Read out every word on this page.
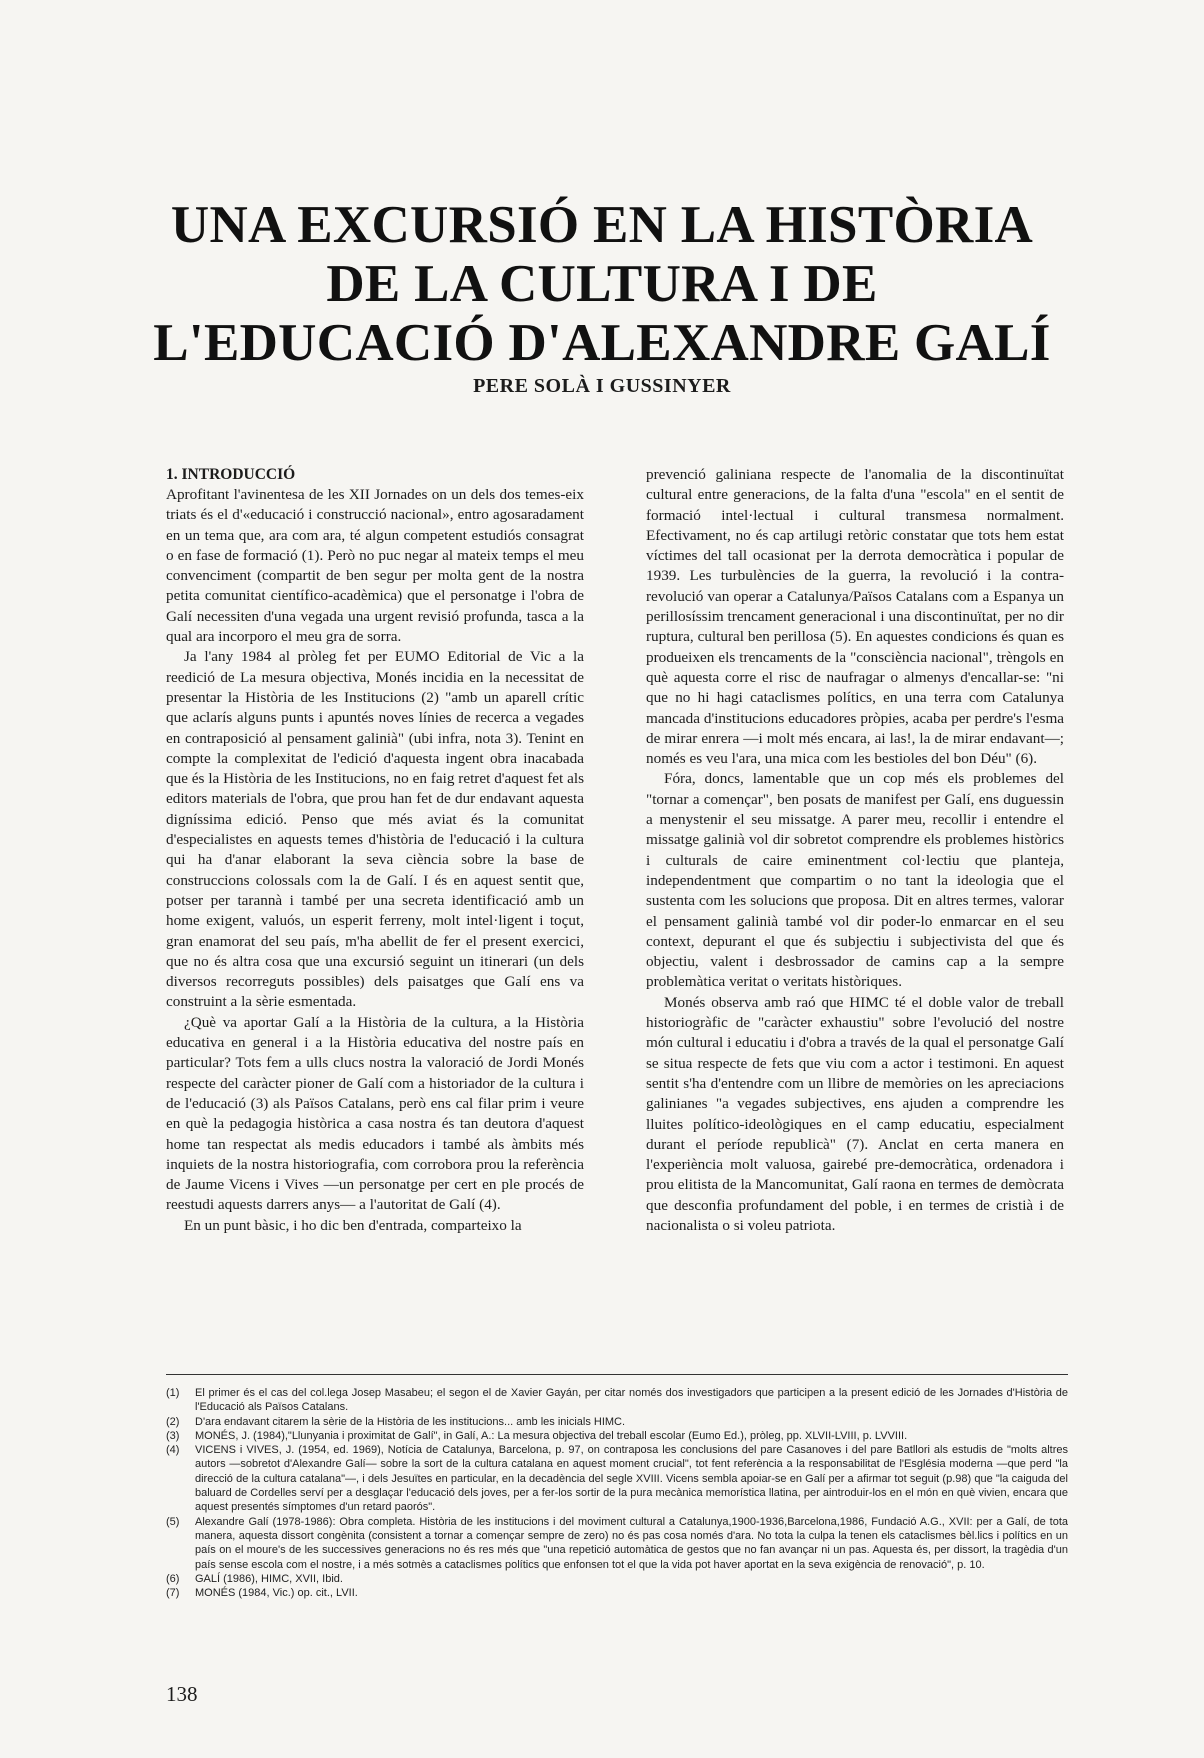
UNA EXCURSIÓ EN LA HISTÒRIA
DE LA CULTURA I DE
L'EDUCACIÓ D'ALEXANDRE GALÍ
PERE SOLÀ I GUSSINYER
1. INTRODUCCIÓ

Aprofitant l'avinentesa de les XII Jornades on un dels dos temes-eix triats és el d'«educació i construcció nacional», entro agosaradament en un tema que, ara com ara, té algun competent estudiós consagrat o en fase de formació (1). Però no puc negar al mateix temps el meu convenciment (compartit de ben segur per molta gent de la nostra petita comunitat científico-acadèmica) que el personatge i l'obra de Galí necessiten d'una vegada una urgent revisió profunda, tasca a la qual ara incorporo el meu gra de sorra.

Ja l'any 1984 al pròleg fet per EUMO Editorial de Vic a la reedició de La mesura objectiva, Monés incidia en la necessitat de presentar la Història de les Institucions (2) "amb un aparell crític que aclarís alguns punts i apuntés noves línies de recerca a vegades en contraposició al pensament galinià" (ubi infra, nota 3). Tenint en compte la complexitat de l'edició d'aquesta ingent obra inacabada que és la Història de les Institucions, no en faig retret d'aquest fet als editors materials de l'obra, que prou han fet de dur endavant aquesta digníssima edició. Penso que més aviat és la comunitat d'especialistes en aquests temes d'història de l'educació i la cultura qui ha d'anar elaborant la seva ciència sobre la base de construccions colossals com la de Galí. I és en aquest sentit que, potser per tarannà i també per una secreta identificació amb un home exigent, valuós, un esperit ferreny, molt intel·ligent i toçut, gran enamorat del seu país, m'ha abellit de fer el present exercici, que no és altra cosa que una excursió seguint un itinerari (un dels diversos recorreguts possibles) dels paisatges que Galí ens va construint a la sèrie esmentada.

¿Què va aportar Galí a la Història de la cultura, a la Història educativa en general i a la Història educativa del nostre país en particular? Tots fem a ulls clucs nostra la valoració de Jordi Monés respecte del caràcter pioner de Galí com a historiador de la cultura i de l'educació (3) als Països Catalans, però ens cal filar prim i veure en què la pedagogia històrica a casa nostra és tan deutora d'aquest home tan respectat als medis educadors i també als àmbits més inquiets de la nostra historiografia, com corrobora prou la referència de Jaume Vicens i Vives —un personatge per cert en ple procés de reestudi aquests darrers anys— a l'autoritat de Galí (4).

En un punt bàsic, i ho dic ben d'entrada, comparteixo la

prevenció galiniana respecte de l'anomalia de la discontinuïtat cultural entre generacions, de la falta d'una "escola" en el sentit de formació intel·lectual i cultural transmesa normalment. Efectivament, no és cap artilugi retòric constatar que tots hem estat víctimes del tall ocasionat per la derrota democràtica i popular de 1939. Les turbulències de la guerra, la revolució i la contra-revolució van operar a Catalunya/Països Catalans com a Espanya un perillosíssim trencament generacional i una discontinuïtat, per no dir ruptura, cultural ben perillosa (5). En aquestes condicions és quan es produeixen els trencaments de la "consciència nacional", trèngols en què aquesta corre el risc de naufragar o almenys d'encallar-se: "ni que no hi hagi cataclismes polítics, en una terra com Catalunya mancada d'institucions educadores pròpies, acaba per perdre's l'esma de mirar enrera —i molt més encara, ai las!, la de mirar endavant—; només es veu l'ara, una mica com les bestioles del bon Déu" (6).

Fóra, doncs, lamentable que un cop més els problemes del "tornar a començar", ben posats de manifest per Galí, ens duguessin a menystenir el seu missatge. A parer meu, recollir i entendre el missatge galinià vol dir sobretot comprendre els problemes històrics i culturals de caire eminentment col·lectiu que planteja, independentment que compartim o no tant la ideologia que el sustenta com les solucions que proposa. Dit en altres termes, valorar el pensament galinià també vol dir poder-lo enmarcar en el seu context, depurant el que és subjectiu i subjectivista del que és objectiu, valent i desbrossador de camins cap a la sempre problemàtica veritat o veritats històriques.

Monés observa amb raó que HIMC té el doble valor de treball historiogràfic de "caràcter exhaustiu" sobre l'evolució del nostre món cultural i educatiu i d'obra a través de la qual el personatge Galí se situa respecte de fets que viu com a actor i testimoni. En aquest sentit s'ha d'entendre com un llibre de memòries on les apreciacions galinianes "a vegades subjectives, ens ajuden a comprendre les lluites político-ideològiques en el camp educatiu, especialment durant el període republicà" (7). Anclat en certa manera en l'experiència molt valuosa, gairebé pre-democràtica, ordenadora i prou elitista de la Mancomunitat, Galí raona en termes de demòcrata que desconfia profundament del poble, i en termes de cristià i de nacionalista o si voleu patriota.

(1)	El primer és el cas del col.lega Josep Masabeu; el segon el de Xavier Gayán, per citar només dos investigadors que participen a la present edició de les Jornades d'Història de l'Educació als Països Catalans.
(2)	D'ara endavant citarem la sèrie de la Història de les institucions... amb les inicials HIMC.
(3)	MONÉS, J. (1984),"Llunyania i proximitat de Galí", in Galí, A.: La mesura objectiva del treball escolar (Eumo Ed.), pròleg, pp. XLVII-LVIII, p. LVVIII.
(4)	VICENS i VIVES, J. (1954, ed. 1969), Notícia de Catalunya, Barcelona, p. 97, on contraposa les conclusions del pare Casanoves i del pare Batllori als estudis de "molts altres autors —sobretot d'Alexandre Galí— sobre la sort de la cultura catalana en aquest moment crucial", tot fent referència a la responsabilitat de l'Església moderna —que perd "la direcció de la cultura catalana"—, i dels Jesuïtes en particular, en la decadència del segle XVIII. Vicens sembla apoiar-se en Galí per a afirmar tot seguit (p.98) que "la caiguda del baluard de Cordelles serví per a desglaçar l'educació dels joves, per a fer-los sortir de la pura mecànica memorística llatina, per aintroduir-los en el món en què vivien, encara que aquest presentés símptomes d'un retard paorós".
(5)	Alexandre Galí (1978-1986): Obra completa. Història de les institucions i del moviment cultural a Catalunya,1900-1936,Barcelona,1986, Fundació A.G., XVII: per a Galí, de tota manera, aquesta dissort congènita (consistent a tornar a començar sempre de zero) no és pas cosa només d'ara. No tota la culpa la tenen els cataclismes bèl.lics i polítics en un país on el moure's de les successives generacions no és res més que "una repetició automàtica de gestos que no fan avançar ni un pas. Aquesta és, per dissort, la tragèdia d'un país sense escola com el nostre, i a més sotmès a cataclismes polítics que enfonsen tot el que la vida pot haver aportat en la seva exigència de renovació", p. 10.
(6)	GALÍ (1986), HIMC, XVII, Ibid.
(7)	MONÉS (1984, Vic.) op. cit., LVII.
138
